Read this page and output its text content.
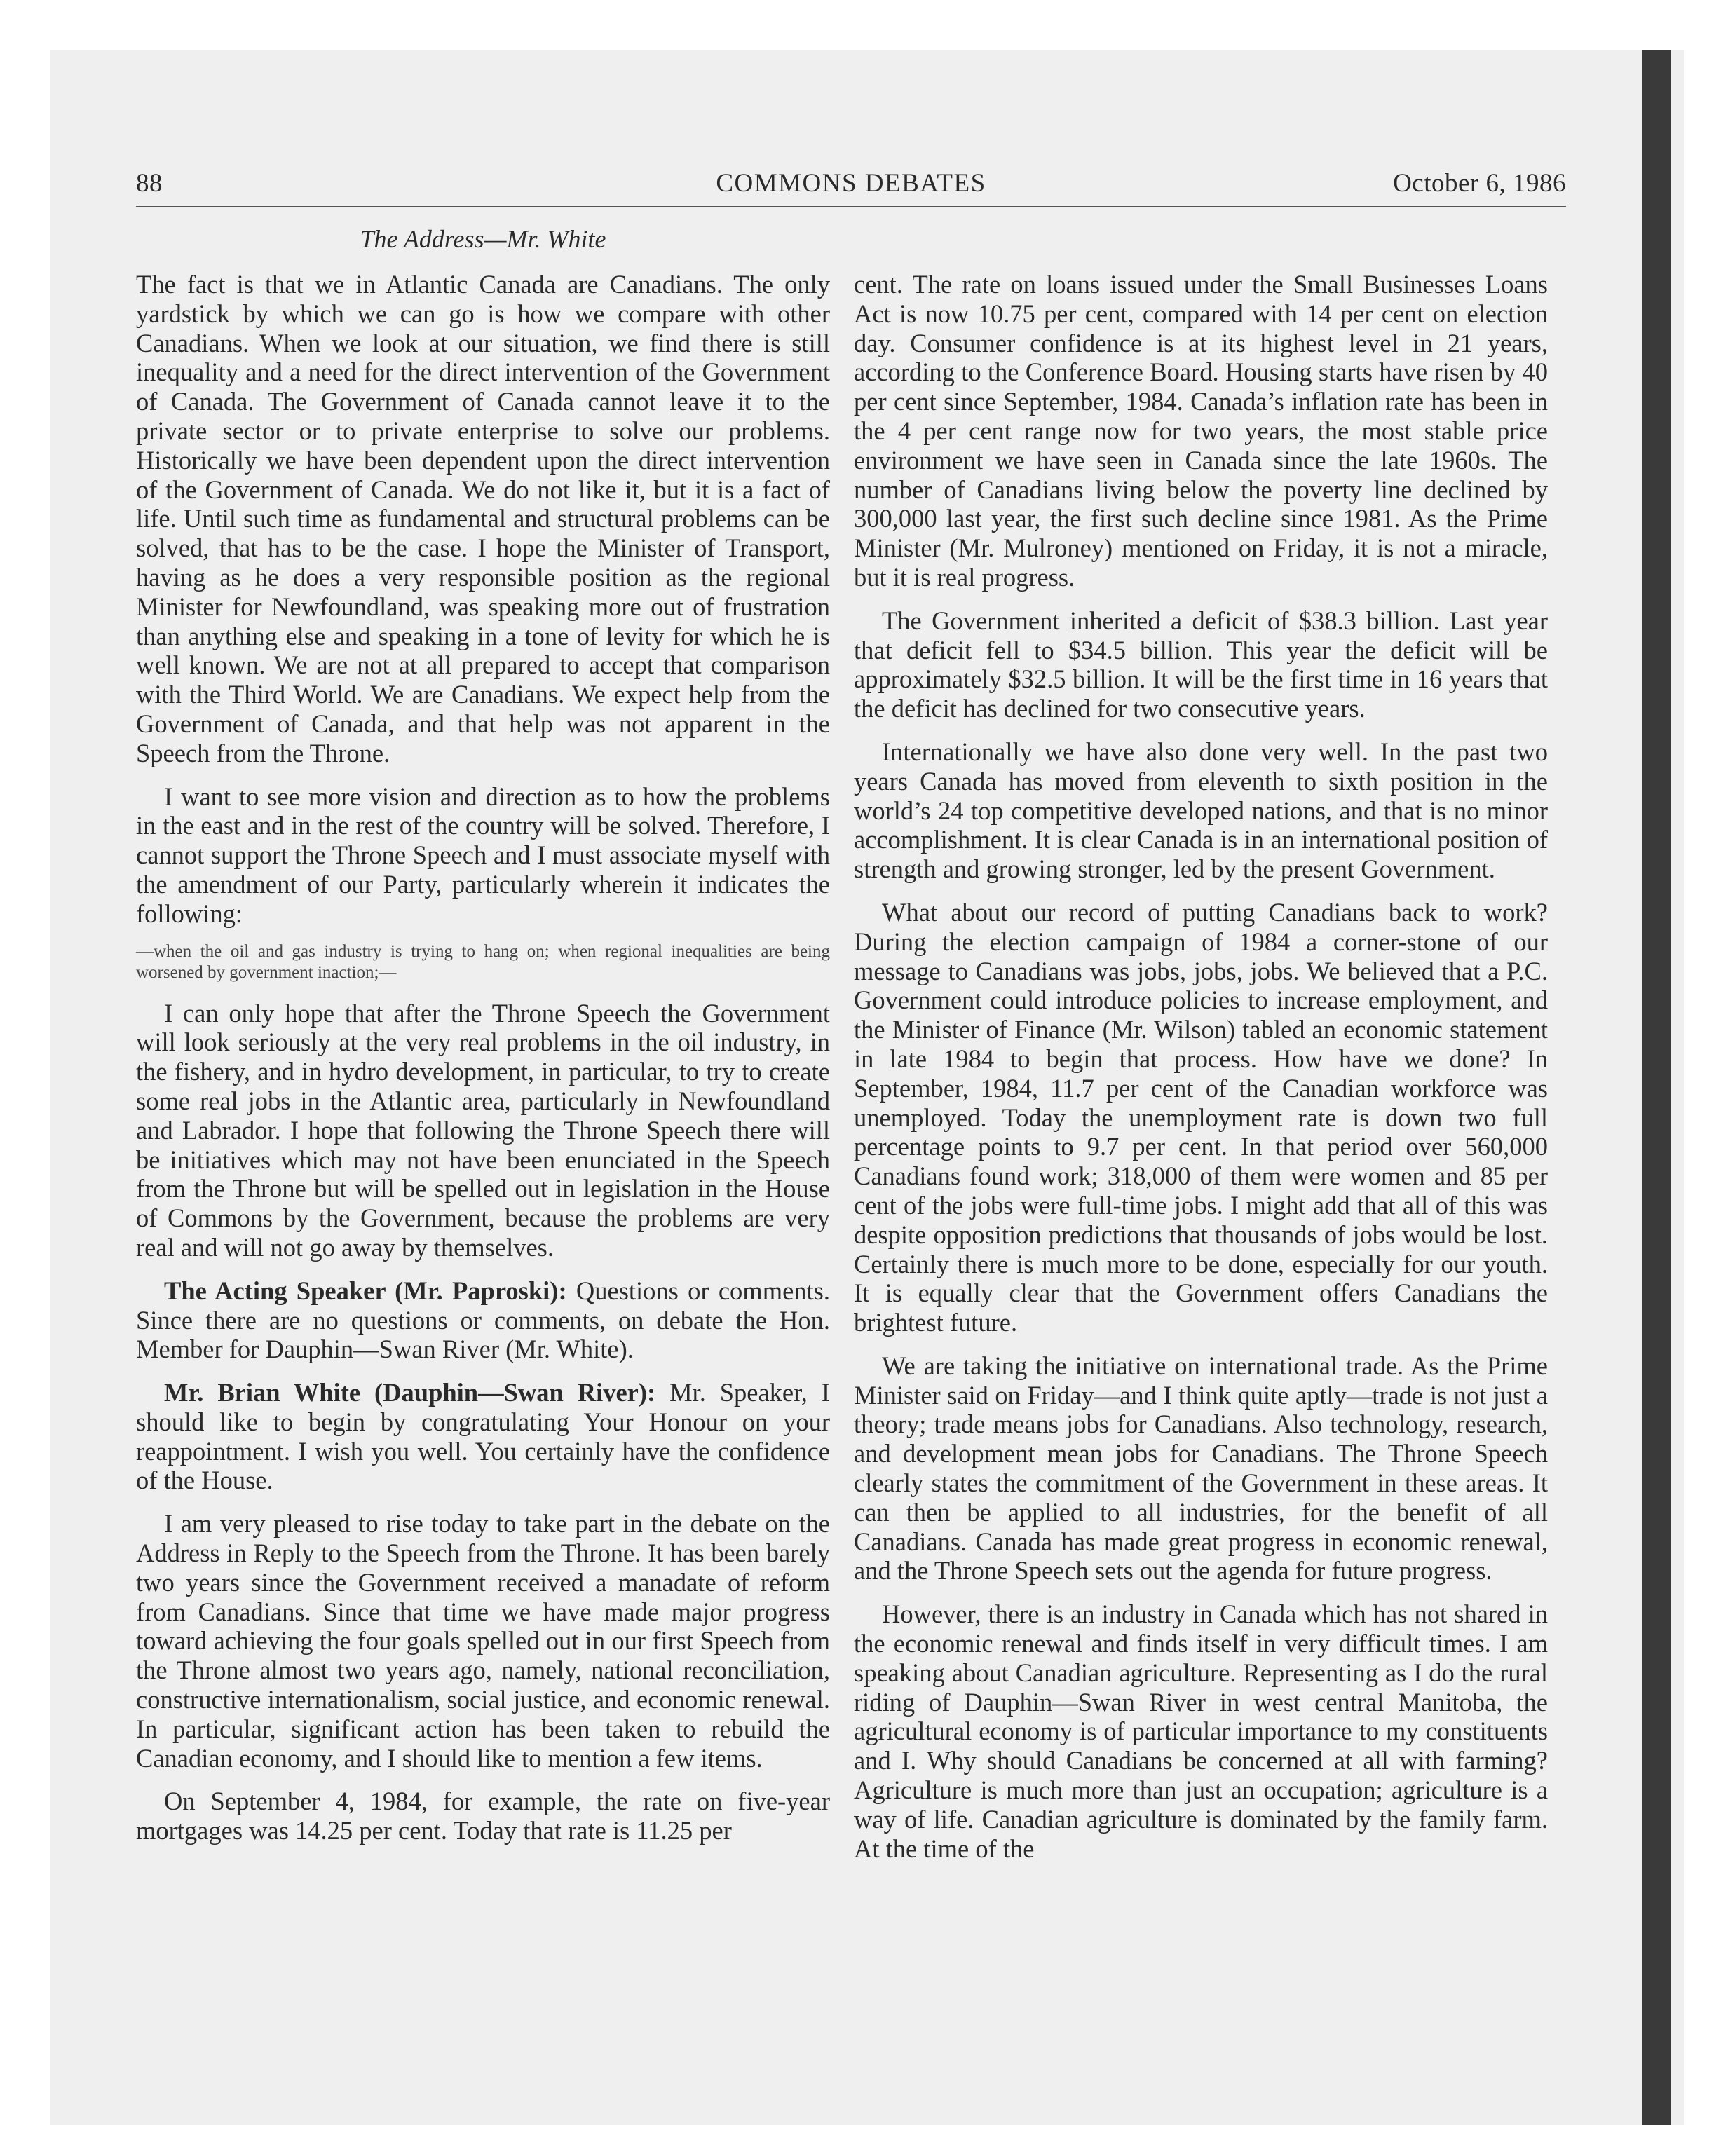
88	COMMONS DEBATES	October 6, 1986
The Address—Mr. White

The fact is that we in Atlantic Canada are Canadians. The only yardstick by which we can go is how we compare with other Canadians. When we look at our situation, we find there is still inequality and a need for the direct intervention of the Government of Canada. The Government of Canada cannot leave it to the private sector or to private enterprise to solve our problems. Historically we have been dependent upon the direct intervention of the Government of Canada. We do not like it, but it is a fact of life. Until such time as fundamental and structural problems can be solved, that has to be the case. I hope the Minister of Transport, having as he does a very responsible position as the regional Minister for Newfoundland, was speaking more out of frustration than anything else and speaking in a tone of levity for which he is well known. We are not at all prepared to accept that comparison with the Third World. We are Canadians. We expect help from the Government of Canada, and that help was not apparent in the Speech from the Throne.

I want to see more vision and direction as to how the problems in the east and in the rest of the country will be solved. Therefore, I cannot support the Throne Speech and I must associate myself with the amendment of our Party, particularly wherein it indicates the following:

—when the oil and gas industry is trying to hang on; when regional inequalities are being worsened by government inaction;—

I can only hope that after the Throne Speech the Government will look seriously at the very real problems in the oil industry, in the fishery, and in hydro development, in particular, to try to create some real jobs in the Atlantic area, particularly in Newfoundland and Labrador. I hope that following the Throne Speech there will be initiatives which may not have been enunciated in the Speech from the Throne but will be spelled out in legislation in the House of Commons by the Government, because the problems are very real and will not go away by themselves.

The Acting Speaker (Mr. Paproski): Questions or comments. Since there are no questions or comments, on debate the Hon. Member for Dauphin—Swan River (Mr. White).

Mr. Brian White (Dauphin—Swan River): Mr. Speaker, I should like to begin by congratulating Your Honour on your reappointment. I wish you well. You certainly have the confidence of the House.

I am very pleased to rise today to take part in the debate on the Address in Reply to the Speech from the Throne. It has been barely two years since the Government received a manadate of reform from Canadians. Since that time we have made major progress toward achieving the four goals spelled out in our first Speech from the Throne almost two years ago, namely, national reconciliation, constructive internationalism, social justice, and economic renewal. In particular, significant action has been taken to rebuild the Canadian economy, and I should like to mention a few items.

On September 4, 1984, for example, the rate on five-year mortgages was 14.25 per cent. Today that rate is 11.25 per

cent. The rate on loans issued under the Small Businesses Loans Act is now 10.75 per cent, compared with 14 per cent on election day. Consumer confidence is at its highest level in 21 years, according to the Conference Board. Housing starts have risen by 40 per cent since September, 1984. Canada’s inflation rate has been in the 4 per cent range now for two years, the most stable price environment we have seen in Canada since the late 1960s. The number of Canadians living below the poverty line declined by 300,000 last year, the first such decline since 1981. As the Prime Minister (Mr. Mulroney) mentioned on Friday, it is not a miracle, but it is real progress.

The Government inherited a deficit of $38.3 billion. Last year that deficit fell to $34.5 billion. This year the deficit will be approximately $32.5 billion. It will be the first time in 16 years that the deficit has declined for two consecutive years.

Internationally we have also done very well. In the past two years Canada has moved from eleventh to sixth position in the world’s 24 top competitive developed nations, and that is no minor accomplishment. It is clear Canada is in an international position of strength and growing stronger, led by the present Government.

What about our record of putting Canadians back to work? During the election campaign of 1984 a corner-stone of our message to Canadians was jobs, jobs, jobs. We believed that a P.C. Government could introduce policies to increase employment, and the Minister of Finance (Mr. Wilson) tabled an economic statement in late 1984 to begin that process. How have we done? In September, 1984, 11.7 per cent of the Canadian workforce was unemployed. Today the unemployment rate is down two full percentage points to 9.7 per cent. In that period over 560,000 Canadians found work; 318,000 of them were women and 85 per cent of the jobs were full-time jobs. I might add that all of this was despite opposition predictions that thousands of jobs would be lost. Certainly there is much more to be done, especially for our youth. It is equally clear that the Government offers Canadians the brightest future.

We are taking the initiative on international trade. As the Prime Minister said on Friday—and I think quite aptly—trade is not just a theory; trade means jobs for Canadians. Also technology, research, and development mean jobs for Canadians. The Throne Speech clearly states the commitment of the Government in these areas. It can then be applied to all industries, for the benefit of all Canadians. Canada has made great progress in economic renewal, and the Throne Speech sets out the agenda for future progress.

However, there is an industry in Canada which has not shared in the economic renewal and finds itself in very difficult times. I am speaking about Canadian agriculture. Representing as I do the rural riding of Dauphin—Swan River in west central Manitoba, the agricultural economy is of particular importance to my constituents and I. Why should Canadians be concerned at all with farming? Agriculture is much more than just an occupation; agriculture is a way of life. Canadian agriculture is dominated by the family farm. At the time of the
